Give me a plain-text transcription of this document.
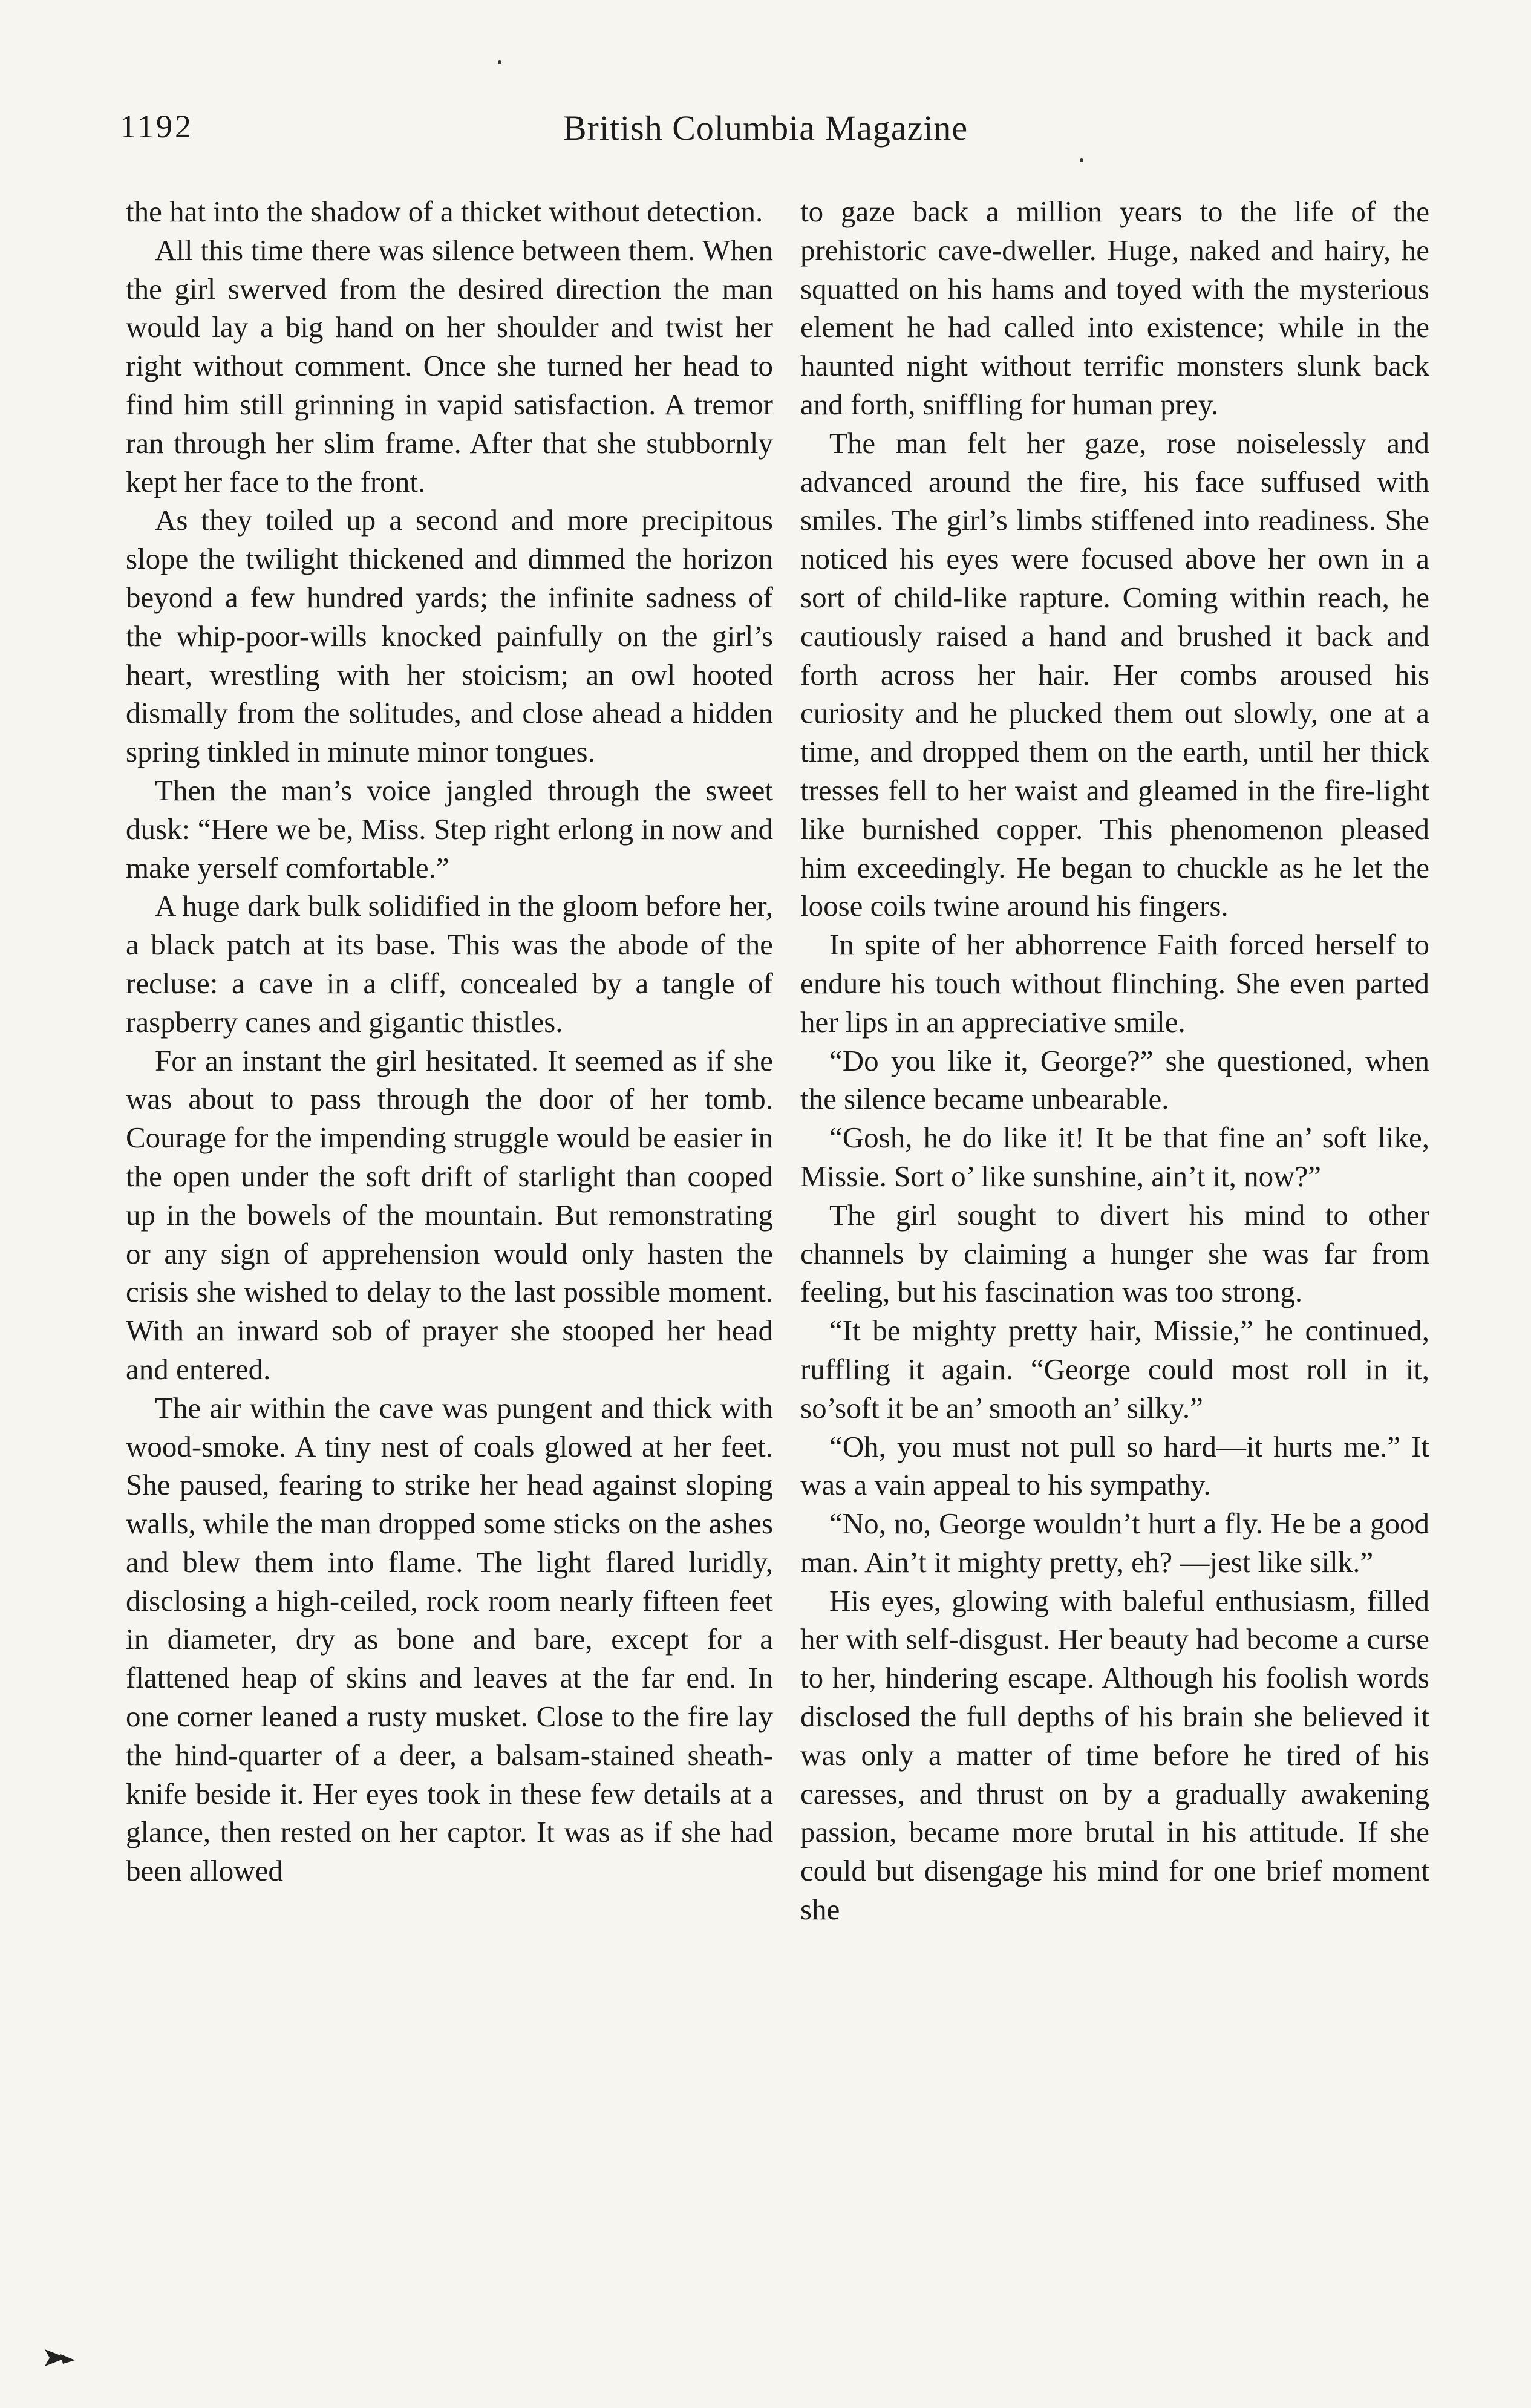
1192	British Columbia Magazine

the hat into the shadow of a thicket without detection.

All this time there was silence between them. When the girl swerved from the desired direction the man would lay a big hand on her shoulder and twist her right without comment. Once she turned her head to find him still grinning in vapid satisfaction. A tremor ran through her slim frame. After that she stubbornly kept her face to the front.

As they toiled up a second and more precipitous slope the twilight thickened and dimmed the horizon beyond a few hundred yards; the infinite sadness of the whip-poor-wills knocked painfully on the girl’s heart, wrestling with her stoicism; an owl hooted dismally from the solitudes, and close ahead a hidden spring tinkled in minute minor tongues.

Then the man’s voice jangled through the sweet dusk: “Here we be, Miss. Step right erlong in now and make yerself comfortable.”

A huge dark bulk solidified in the gloom before her, a black patch at its base. This was the abode of the recluse: a cave in a cliff, concealed by a tangle of raspberry canes and gigantic thistles.

For an instant the girl hesitated. It seemed as if she was about to pass through the door of her tomb. Courage for the impending struggle would be easier in the open under the soft drift of starlight than cooped up in the bowels of the mountain. But remonstrating or any sign of apprehension would only hasten the crisis she wished to delay to the last possible moment. With an inward sob of prayer she stooped her head and entered.

The air within the cave was pungent and thick with wood-smoke. A tiny nest of coals glowed at her feet. She paused, fearing to strike her head against sloping walls, while the man dropped some sticks on the ashes and blew them into flame. The light flared luridly, disclosing a high-ceiled, rock room nearly fifteen feet in diameter, dry as bone and bare, except for a flattened heap of skins and leaves at the far end. In one corner leaned a rusty musket. Close to the fire lay the hind-quarter of a deer, a balsam-stained sheath-knife beside it. Her eyes took in these few details at a glance, then rested on her captor. It was as if she had been allowed

to gaze back a million years to the life of the prehistoric cave-dweller. Huge, naked and hairy, he squatted on his hams and toyed with the mysterious element he had called into existence; while in the haunted night without terrific monsters slunk back and forth, sniffling for human prey.

The man felt her gaze, rose noiselessly and advanced around the fire, his face suffused with smiles. The girl’s limbs stiffened into readiness. She noticed his eyes were focused above her own in a sort of child-like rapture. Coming within reach, he cautiously raised a hand and brushed it back and forth across her hair. Her combs aroused his curiosity and he plucked them out slowly, one at a time, and dropped them on the earth, until her thick tresses fell to her waist and gleamed in the fire-light like burnished copper. This phenomenon pleased him exceedingly. He began to chuckle as he let the loose coils twine around his fingers.

In spite of her abhorrence Faith forced herself to endure his touch without flinching. She even parted her lips in an appreciative smile.

“Do you like it, George?” she questioned, when the silence became unbearable.

“Gosh, he do like it! It be that fine an’ soft like, Missie. Sort o’ like sunshine, ain’t it, now?”

The girl sought to divert his mind to other channels by claiming a hunger she was far from feeling, but his fascination was too strong.

“It be mighty pretty hair, Missie,” he continued, ruffling it again. “George could most roll in it, so’soft it be an’ smooth an’ silky.”

“Oh, you must not pull so hard—it hurts me.” It was a vain appeal to his sympathy.

“No, no, George wouldn’t hurt a fly. He be a good man. Ain’t it mighty pretty, eh? —jest like silk.”

His eyes, glowing with baleful enthusiasm, filled her with self-disgust. Her beauty had become a curse to her, hindering escape. Although his foolish words disclosed the full depths of his brain she believed it was only a matter of time before he tired of his caresses, and thrust on by a gradually awakening passion, became more brutal in his attitude. If she could but disengage his mind for one brief moment she
